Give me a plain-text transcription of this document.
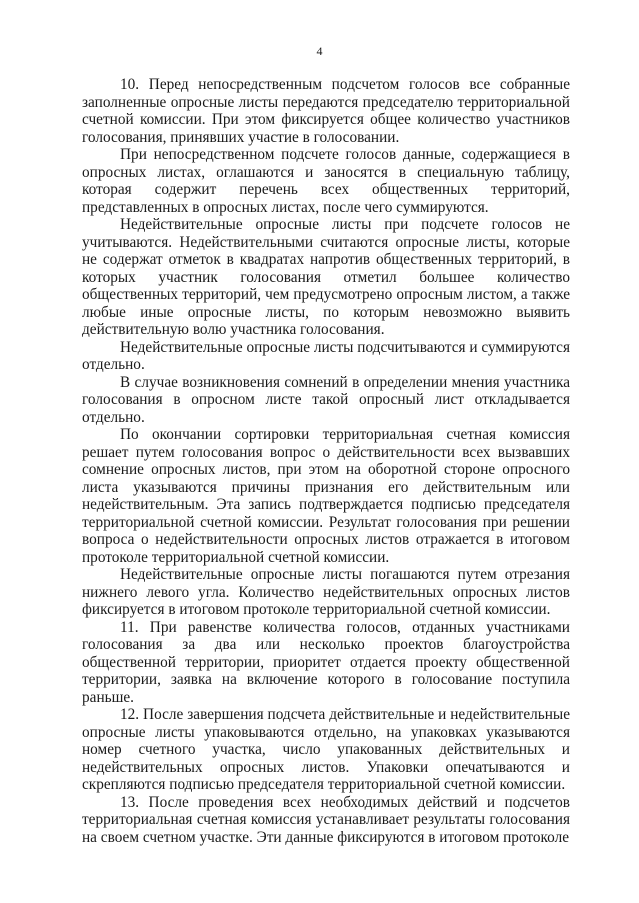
4

10. Перед непосредственным подсчетом голосов все собранные заполненные опросные листы передаются председателю территориальной счетной комиссии. При этом фиксируется общее количество участников голосования, принявших участие в голосовании.

При непосредственном подсчете голосов данные, содержащиеся в опросных листах, оглашаются и заносятся в специальную таблицу, которая содержит перечень всех общественных территорий, представленных в опросных листах, после чего суммируются.

Недействительные опросные листы при подсчете голосов не учитываются. Недействительными считаются опросные листы, которые не содержат отметок в квадратах напротив общественных территорий, в которых участник голосования отметил большее количество общественных территорий, чем предусмотрено опросным листом, а также любые иные опросные листы, по которым невозможно выявить действительную волю участника голосования.

Недействительные опросные листы подсчитываются и суммируются отдельно.

В случае возникновения сомнений в определении мнения участника голосования в опросном листе такой опросный лист откладывается отдельно.

По окончании сортировки территориальная счетная комиссия решает путем голосования вопрос о действительности всех вызвавших сомнение опросных листов, при этом на оборотной стороне опросного листа указываются причины признания его действительным или недействительным. Эта запись подтверждается подписью председателя территориальной счетной комиссии. Результат голосования при решении вопроса о недействительности опросных листов отражается в итоговом протоколе территориальной счетной комиссии.

Недействительные опросные листы погашаются путем отрезания нижнего левого угла. Количество недействительных опросных листов фиксируется в итоговом протоколе территориальной счетной комиссии.

11. При равенстве количества голосов, отданных участниками голосования за два или несколько проектов благоустройства общественной территории, приоритет отдается проекту общественной территории, заявка на включение которого в голосование поступила раньше.

12. После завершения подсчета действительные и недействительные опросные листы упаковываются отдельно, на упаковках указываются номер счетного участка, число упакованных действительных и недействительных опросных листов. Упаковки опечатываются и скрепляются подписью председателя территориальной счетной комиссии.

13. После проведения всех необходимых действий и подсчетов территориальная счетная комиссия устанавливает результаты голосования на своем счетном участке. Эти данные фиксируются в итоговом протоколе
